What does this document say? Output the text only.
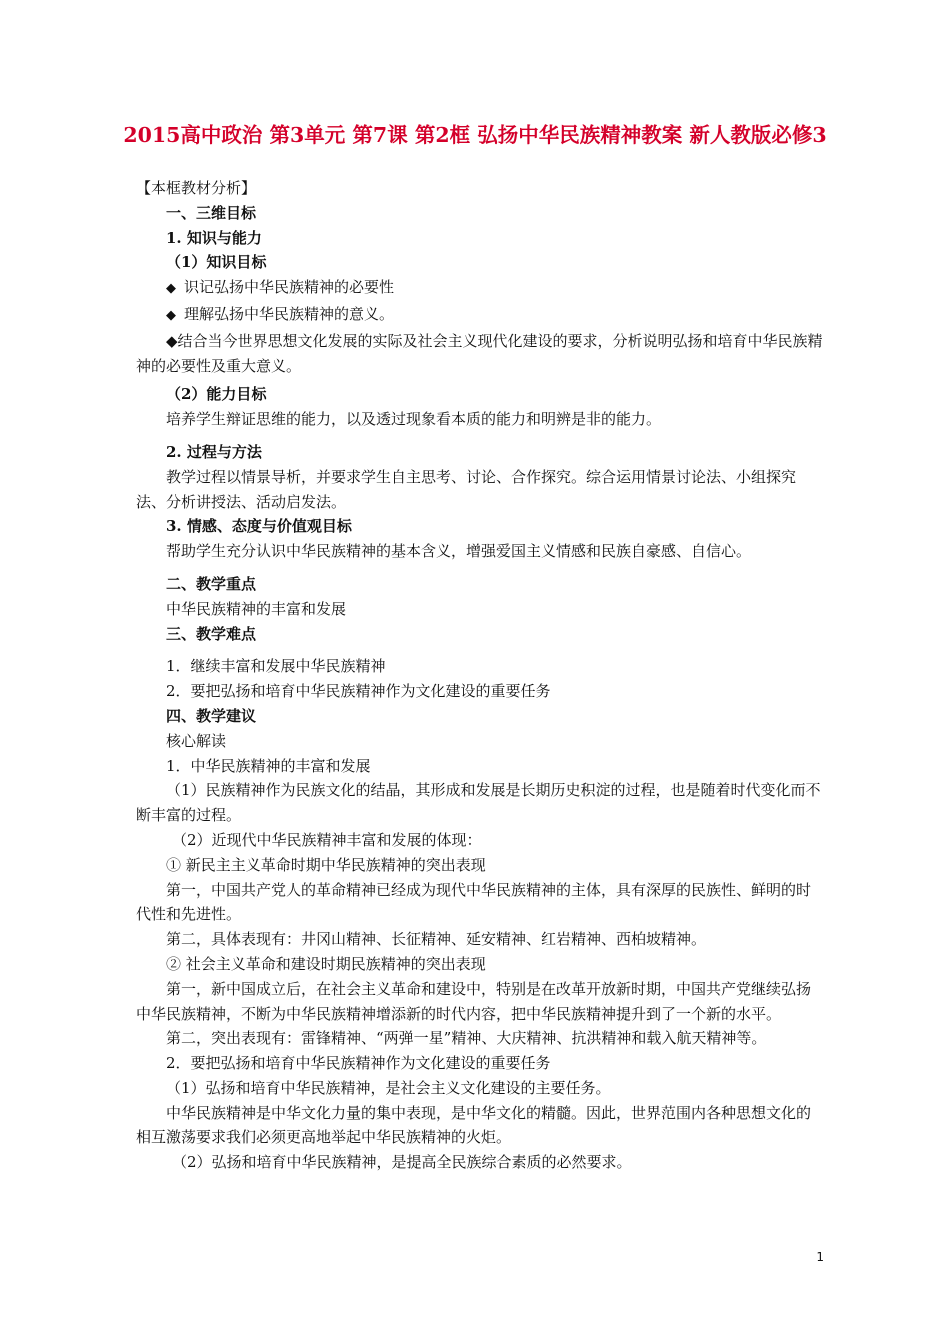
2015高中政治 第3单元 第7课 第2框 弘扬中华民族精神教案 新人教版必修3

【本框教材分析】

一、三维目标

1. 知识与能力

（1）知识目标

◆ 识记弘扬中华民族精神的必要性

◆ 理解弘扬中华民族精神的意义。

◆结合当今世界思想文化发展的实际及社会主义现代化建设的要求，分析说明弘扬和培育中华民族精神的必要性及重大意义。

（2）能力目标

培养学生辩证思维的能力，以及透过现象看本质的能力和明辨是非的能力。

2. 过程与方法

教学过程以情景导析，并要求学生自主思考、讨论、合作探究。综合运用情景讨论法、小组探究法、分析讲授法、活动启发法。

3. 情感、态度与价值观目标

帮助学生充分认识中华民族精神的基本含义，增强爱国主义情感和民族自豪感、自信心。

二、教学重点

中华民族精神的丰富和发展

三、教学难点

1．继续丰富和发展中华民族精神

2．要把弘扬和培育中华民族精神作为文化建设的重要任务

四、教学建议

核心解读

1．中华民族精神的丰富和发展

（1）民族精神作为民族文化的结晶，其形成和发展是长期历史积淀的过程，也是随着时代变化而不断丰富的过程。

（2）近现代中华民族精神丰富和发展的体现：

① 新民主主义革命时期中华民族精神的突出表现

第一，中国共产党人的革命精神已经成为现代中华民族精神的主体，具有深厚的民族性、鲜明的时代性和先进性。

第二，具体表现有：井冈山精神、长征精神、延安精神、红岩精神、西柏坡精神。

② 社会主义革命和建设时期民族精神的突出表现

第一，新中国成立后，在社会主义革命和建设中，特别是在改革开放新时期，中国共产党继续弘扬中华民族精神，不断为中华民族精神增添新的时代内容，把中华民族精神提升到了一个新的水平。

第二，突出表现有：雷锋精神、“两弹一星”精神、大庆精神、抗洪精神和载入航天精神等。

2．要把弘扬和培育中华民族精神作为文化建设的重要任务

（1）弘扬和培育中华民族精神，是社会主义文化建设的主要任务。

中华民族精神是中华文化力量的集中表现，是中华文化的精髓。因此，世界范围内各种思想文化的相互激荡要求我们必须更高地举起中华民族精神的火炬。

（2）弘扬和培育中华民族精神，是提高全民族综合素质的必然要求。

1
